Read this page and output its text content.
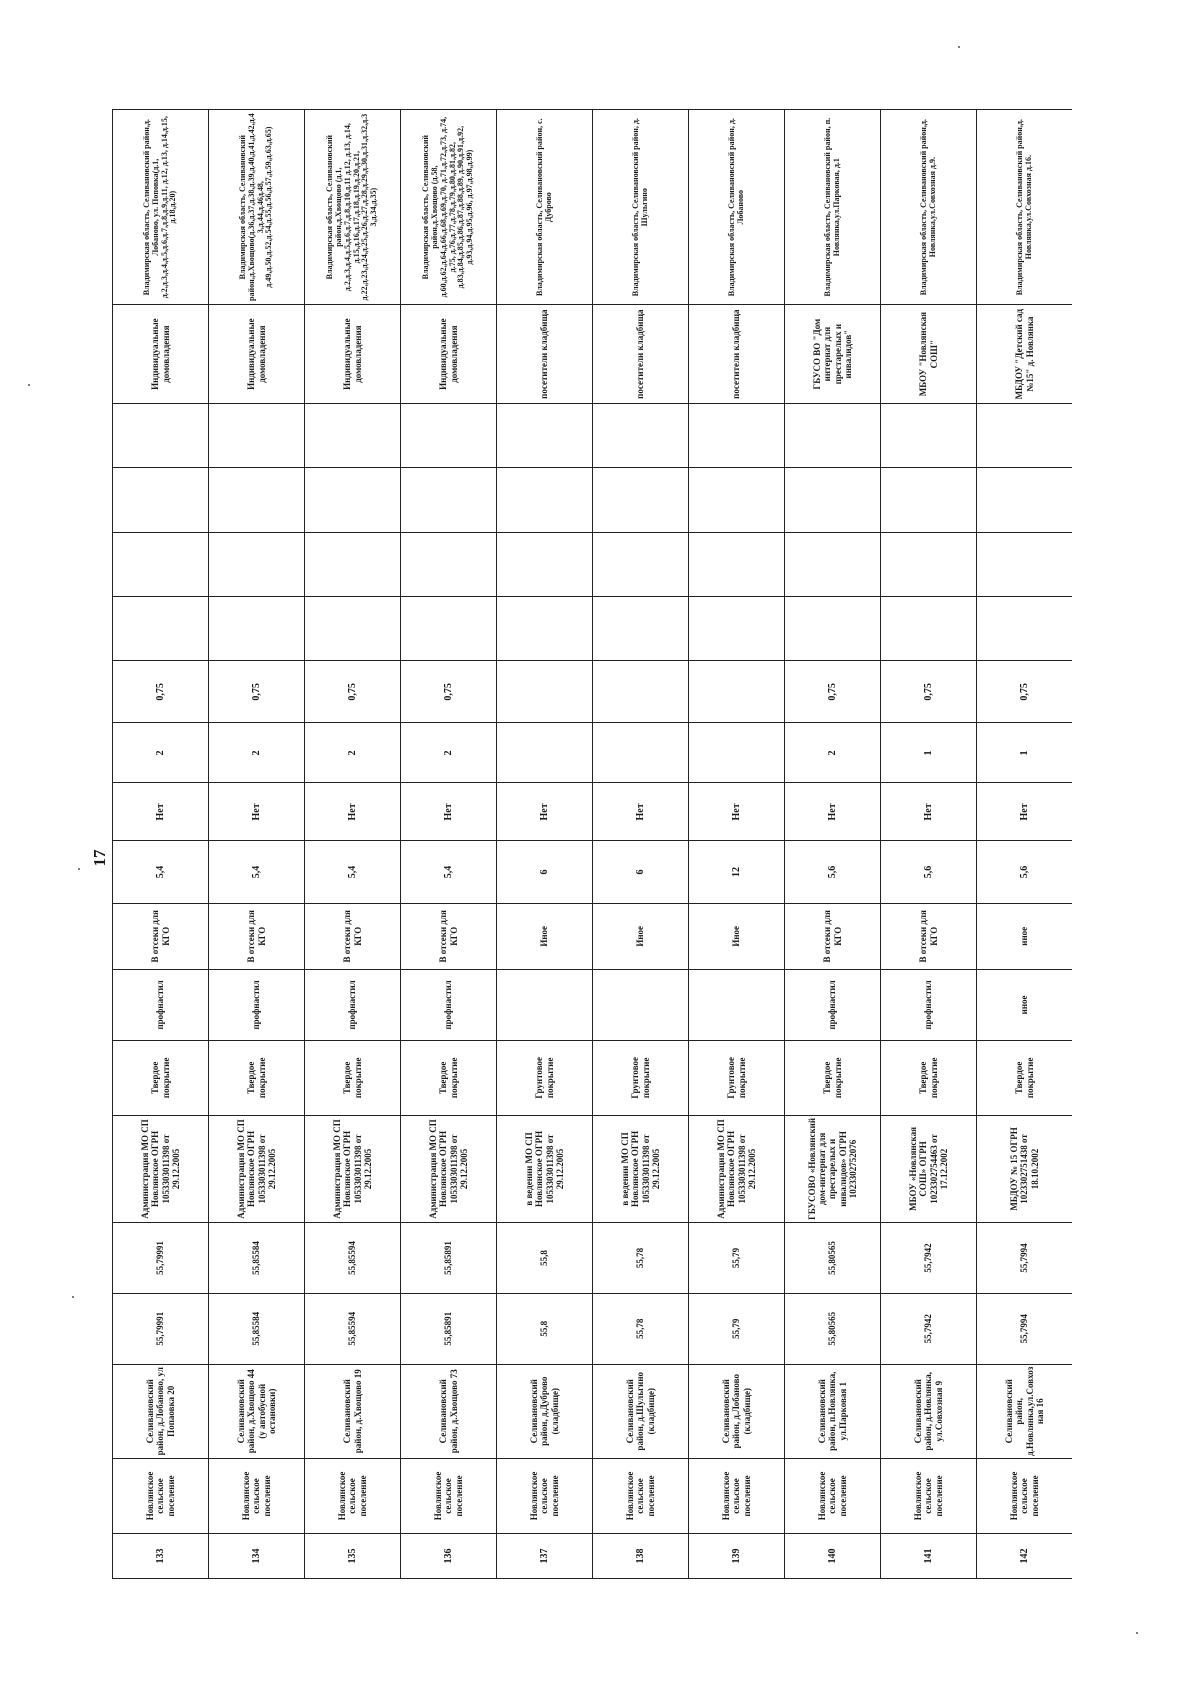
17
133	Новлянское сельское поселение	Селивановский район, д.Лобаново, ул Попаовка 20	55,79991	55,79991	Администрация МО СП Новлянское ОГРН 1053303011398 от 29.12.2005	Твердое покрытие	профнастил	В отсеки для КГО	5,4	Нет	2	0,75					Индивидуальные домовладения	Владимирская область, Селивановский район,д. Лобаново, ул. Поповка(д.1, д.2,д.3,д.4,д.5,д.6,д.7,д.8,д.9,д.11, д.12, д.13, д.14,д.15, д.18,д.20)
134	Новлянское сельское поселение	Селивановский район, д.Хвощово 44 (у автобусной остановки)	55,85584	55,85584	Администрация МО СП Новлянское ОГРН 1053303011398 от 29.12.2005	Твердое покрытие	профнастил	В отсеки для КГО	5,4	Нет	2	0,75					Индивидуальные домовладения	Владимирская область, Селивановский район,д.Хвощово(д.36,д.37,д.38,д.39,д.40,д.41,д.42,д.43,д.44,д.46д.48, д.49,д.50,д.52,д.54,д.55,д.56,д.57,д.59,д.63,д.65)
135	Новлянское сельское поселение	Селивановский район, д.Хвощово 19	55,85594	55,85594	Администрация МО СП Новлянское ОГРН 1053303011398 от 29.12.2005	Твердое покрытие	профнастил	В отсеки для КГО	5,4	Нет	2	0,75					Индивидуальные домовладения	Владимирская область, Селивановский район,д.Хвощово (д.1, д.2,д.3,д.4,д.5,д.6,д.7,д.8,д.10,д.11 д.12, д.13, д.14, д.15,д.16,д.17,д.18,д.19,д.20,д.21, д.22,д.23,д.24,д.25,д.26,д.27,д.28,д.29,д.30,д.31,д.32,д.33,д.34,д.35)
136	Новлянское сельское поселение	Селивановский район, д.Хвощово 73	55,85891	55,85891	Администрация МО СП Новлянское ОГРН 1053303011398 от 29.12.2005	Твердое покрытие	профнастил	В отсеки для КГО	5,4	Нет	2	0,75					Индивидуальные домовладения	Владимирская область, Селивановский район,д.Хвощово (д.58, д.60,д.62,д.64,д.66,д.68,д.69,д.70, д.71,д.72,д.73, д.74, д.75, д.76,д.77,д.78,д.79,д.80,д.81,д.82, д.83,д.84,д.85,д.86,д.87,д.88,д.89, д.90,д.91,д.92, д.93,д.94,д.95,д.96, д.97,д.98,д.99)
137	Новлянское сельское поселение	Селивановский район, д.Дуброво (кладбище)	55,8	55,8	в ведении МО СП Новлянское ОГРН 1053303011398 от 29.12.2005	Грунтовое покрытие		Иное	6	Нет							посетители кладбища	Владимирская область, Селивановский район, с. Дуброво
138	Новлянское сельское поселение	Селивановский район, д.Шульгино (кладбище)	55,78	55,78	в ведении МО СП Новлянское ОГРН 1053303011398 от 29.12.2005	Грунтовое покрытие		Иное	6	Нет							посетители кладбища	Владимирская область, Селивановский район, д. Шульгино
139	Новлянское сельское поселение	Селивановский район, д.Лобаново (кладбище)	55,79	55,79	Администрация МО СП Новлянское ОГРН 1053303011398 от 29.12.2005	Грунтовое покрытие		Иное	12	Нет							посетители кладбища	Владимирская область, Селивановский район, д. Лобаново
140	Новлянское сельское поселение	Селивановский район, п.Новлянка, ул.Парковая 1	55,80565	55,80565	ГБУСОВО «Новлянский дом-интернат для престарелых и инвалидов» ОГРН 1023302752076	Твердое покрытие	профнастил	В отсеки для КГО	5,6	Нет	2	0,75					ГБУСО ВО "Дом интернат для престарелых и инвалидов"	Владимирская область, Селивановский район, п. Новлянка,ул.Парковая, д.1
141	Новлянское сельское поселение	Селивановский район, д.Новлянка, ул.Совхозная 9	55,7942	55,7942	МБОУ «Новлянская СОШ» ОГРН 1023302754463 от 17.12.2002	Твердое покрытие	профнастил	В отсеки для КГО	5,6	Нет	1	0,75					МБОУ "Новлянская СОШ"	Владимирская область, Селивановский район,д. Новлянка,ул.Совхозная д.9.
142	Новлянское сельское поселение	Селивановский район, д.Новлянка,ул.Совхозная 16	55,7994	55,7994	МБДОУ № 15 ОГРН 1023302751438 от 18.10.2002	Твердое покрытие	иное	иное	5,6	Нет	1	0,75					МБДОУ "Детский сад №15" д. Новлянка	Владимирская область, Селивановский район,д. Новлянка,ул.Совхозная д.16.
